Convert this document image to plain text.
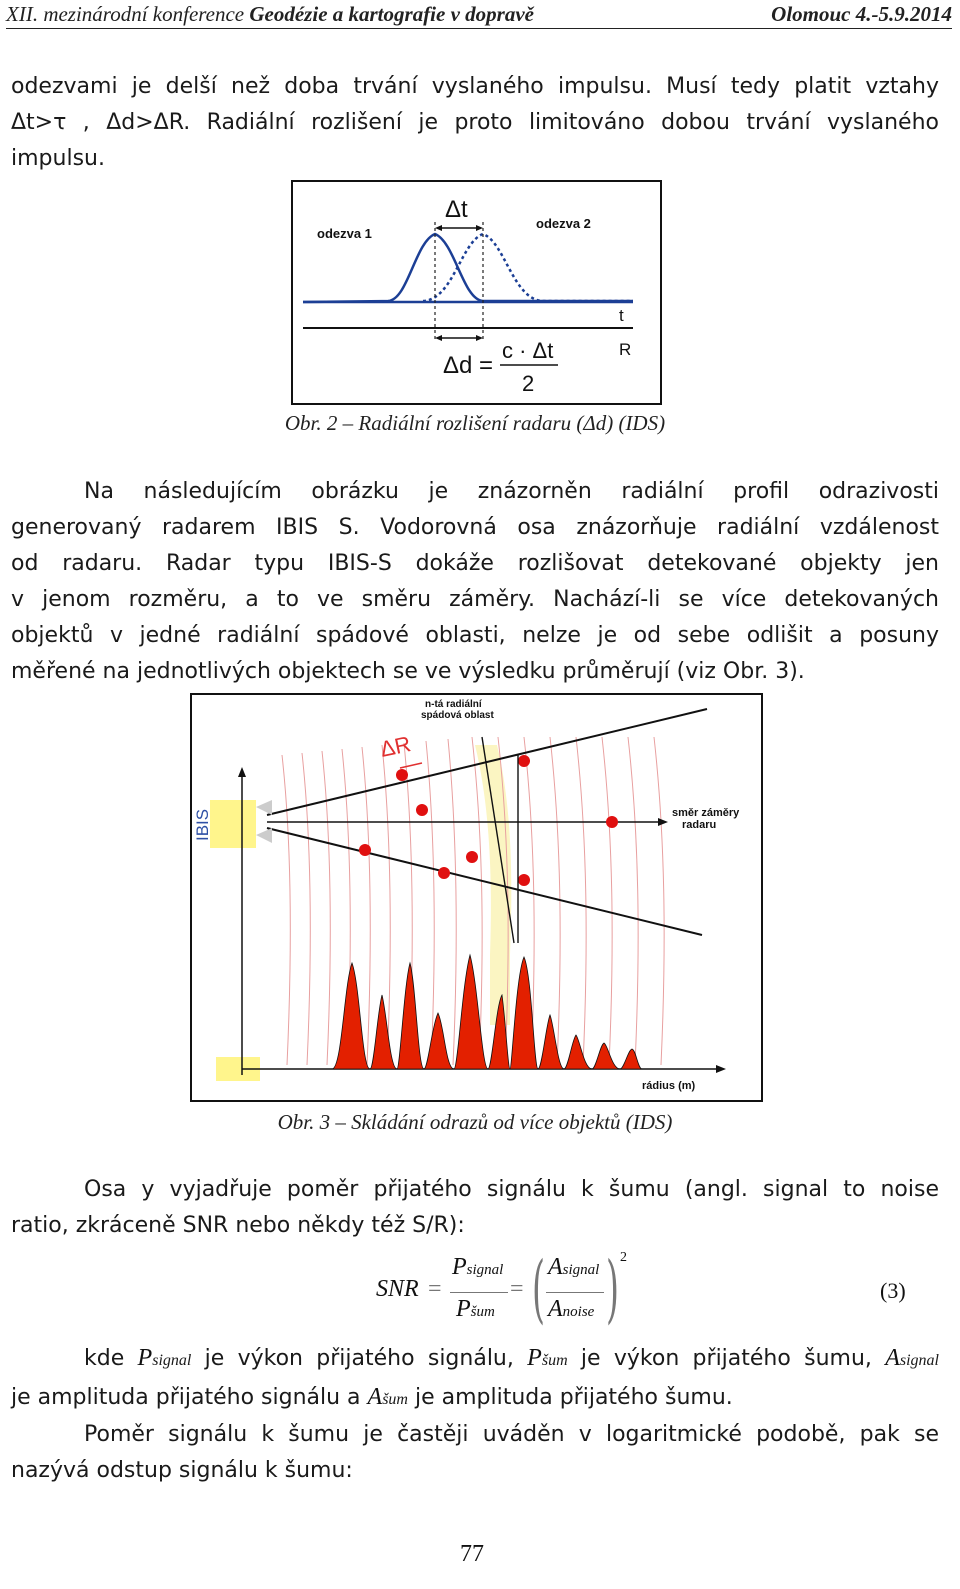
XII. mezinárodní konference Geodézie a kartografie v dopravě	Olomouc 4.-5.9.2014
odezvami je delší než doba trvání vyslaného impulsu. Musí tedy platit vztahy
Δt>τ , Δd>ΔR. Radiální rozlišení je proto limitováno dobou trvání vyslaného
impulsu.
odezva 1
odezva 2
Δt
t
R
Δd =
c · Δt
2
Obr. 2 – Radiální rozlišení radaru (Δd) (IDS)
Na následujícím obrázku je znázorněn radiální profil odrazivosti
generovaný radarem IBIS S. Vodorovná osa znázorňuje radiální vzdálenost
od radaru. Radar typu IBIS-S dokáže rozlišovat detekované objekty jen
v jenom rozměru, a to ve směru záměry. Nachází-li se více detekovaných
objektů v jedné radiální spádové oblasti, nelze je od sebe odlišit a posuny
měřené na jednotlivých objektech se ve výsledku průměrují (viz Obr. 3).
ΔR
n-tá radiální
spádová oblast
směr záměry
radaru
rádius (m)
IBIS
Obr. 3 – Skládání odrazů od více objektů (IDS)
Osa y vyjadřuje poměr přijatého signálu k šumu (angl. signal to noise
ratio, zkráceně SNR nebo někdy též S/R):
SNR =
Psignal
Pšum
= ( Asignal
Anoise ) 2
(3)
kde Psignal je výkon přijatého signálu, Pšum je výkon přijatého šumu, Asignal
je amplituda přijatého signálu a Ašum je amplituda přijatého šumu.
Poměr signálu k šumu je častěji uváděn v logaritmické podobě, pak se
nazývá odstup signálu k šumu:
77
